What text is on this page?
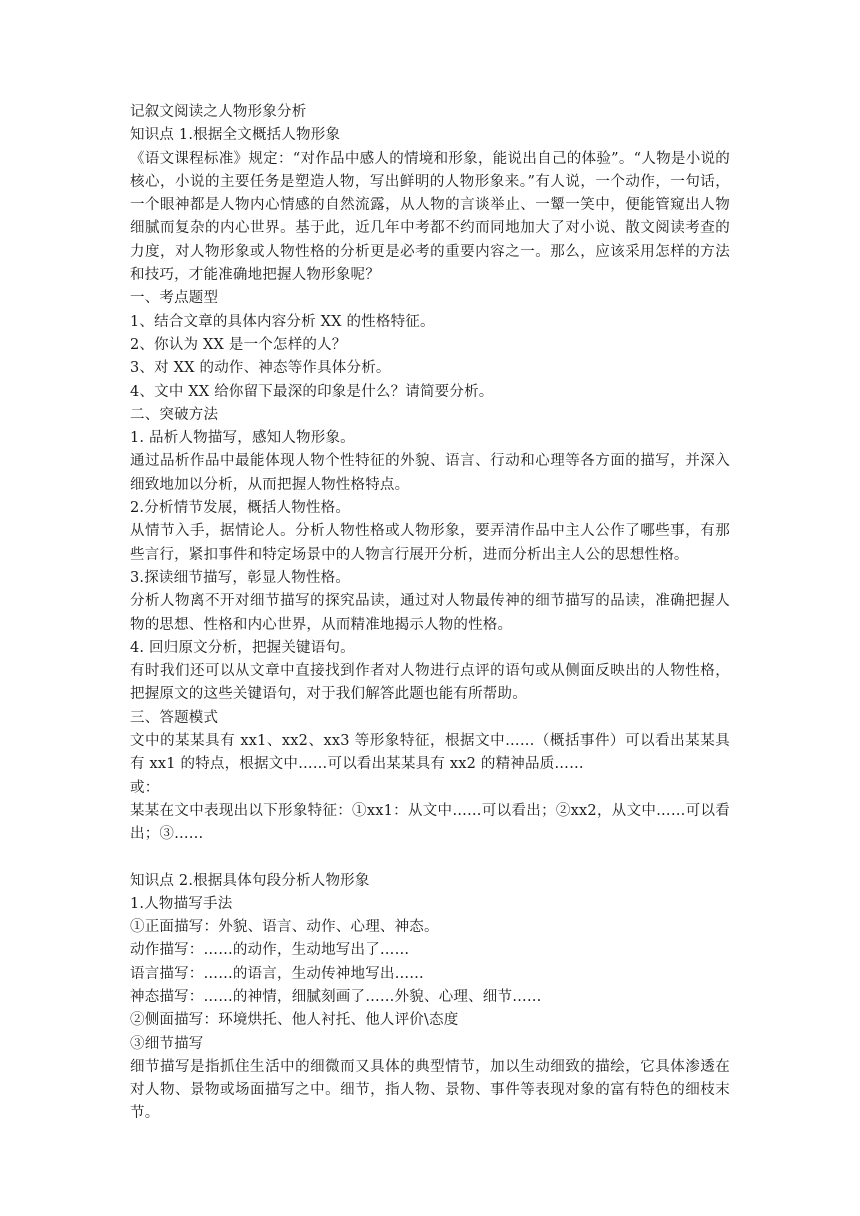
记叙文阅读之人物形象分析

知识点 1.根据全文概括人物形象

《语文课程标准》规定：“对作品中感人的情境和形象，能说出自己的体验”。“人物是小说的核心，小说的主要任务是塑造人物，写出鲜明的人物形象来。”有人说，一个动作，一句话，一个眼神都是人物内心情感的自然流露，从人物的言谈举止、一颦一笑中，便能管窥出人物细腻而复杂的内心世界。基于此，近几年中考都不约而同地加大了对小说、散文阅读考查的力度，对人物形象或人物性格的分析更是必考的重要内容之一。那么，应该采用怎样的方法和技巧，才能准确地把握人物形象呢？

一、考点题型

1、结合文章的具体内容分析 XX 的性格特征。

2、你认为 XX 是一个怎样的人？

3、对 XX 的动作、神态等作具体分析。

4、文中 XX 给你留下最深的印象是什么？请简要分析。

二、突破方法

1. 品析人物描写，感知人物形象。

通过品析作品中最能体现人物个性特征的外貌、语言、行动和心理等各方面的描写，并深入细致地加以分析，从而把握人物性格特点。

2.分析情节发展，概括人物性格。

从情节入手，据情论人。分析人物性格或人物形象，要弄清作品中主人公作了哪些事，有那些言行，紧扣事件和特定场景中的人物言行展开分析，进而分析出主人公的思想性格。

3.探读细节描写，彰显人物性格。

分析人物离不开对细节描写的探究品读，通过对人物最传神的细节描写的品读，准确把握人物的思想、性格和内心世界，从而精准地揭示人物的性格。

4. 回归原文分析，把握关键语句。

有时我们还可以从文章中直接找到作者对人物进行点评的语句或从侧面反映出的人物性格，把握原文的这些关键语句，对于我们解答此题也能有所帮助。

三、答题模式

文中的某某具有 xx1、xx2、xx3 等形象特征，根据文中……（概括事件）可以看出某某具有 xx1 的特点，根据文中……可以看出某某具有 xx2 的精神品质……

或：

某某在文中表现出以下形象特征：①xx1：从文中……可以看出；②xx2，从文中……可以看出；③……

知识点 2.根据具体句段分析人物形象

1.人物描写手法

①正面描写：外貌、语言、动作、心理、神态。

动作描写：……的动作，生动地写出了……

语言描写：……的语言，生动传神地写出……

神态描写：……的神情，细腻刻画了……外貌、心理、细节……

②侧面描写：环境烘托、他人衬托、他人评价\态度

③细节描写

细节描写是指抓住生活中的细微而又具体的典型情节，加以生动细致的描绘，它具体渗透在对人物、景物或场面描写之中。细节，指人物、景物、事件等表现对象的富有特色的细枝末节。
